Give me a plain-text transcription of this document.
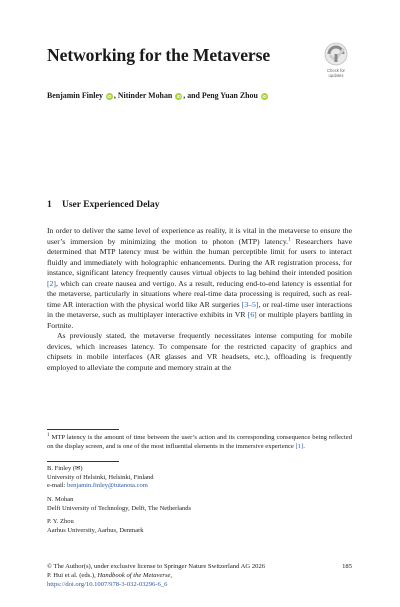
Networking for the Metaverse
Check for
updates
Benjamin Finley iD , Nitinder Mohan iD , and Peng Yuan Zhou iD
1 User Experienced Delay

In order to deliver the same level of experience as reality, it is vital in the metaverse to ensure the user’s immersion by minimizing the motion to photon (MTP) latency.$^1$ Researchers have determined that MTP latency must be within the human perceptible limit for users to interact fluidly and immediately with holographic enhancements. During the AR registration process, for instance, significant latency frequently causes virtual objects to lag behind their intended position [2], which can create nausea and vertigo. As a result, reducing end-to-end latency is essential for the metaverse, particularly in situations where real-time data processing is required, such as real-time AR interaction with the physical world like AR surgeries [3–5], or real-time user interactions in the metaverse, such as multiplayer interactive exhibits in VR [6] or multiple players battling in Fortnite.

As previously stated, the metaverse frequently necessitates intense computing for mobile devices, which increases latency. To compensate for the restricted capacity of graphics and chipsets in mobile interfaces (AR glasses and VR headsets, etc.), offloading is frequently employed to alleviate the compute and memory strain at the

$^1$ MTP latency is the amount of time between the user’s action and its corresponding consequence being reflected on the display screen, and is one of the most influential elements in the immersive experience [1].
B. Finley (✉)
University of Helsinki, Helsinki, Finland
e-mail: benjamin.finley@tutanota.com
N. Mohan
Delft University of Technology, Delft, The Netherlands
P. Y. Zhou
Aarhus University, Aarhus, Denmark
© The Author(s), under exclusive license to Springer Nature Switzerland AG 2026	185
P. Hui et al. (eds.), Handbook of the Metaverse,
https://doi.org/10.1007/978-3-032-03296-6_6
